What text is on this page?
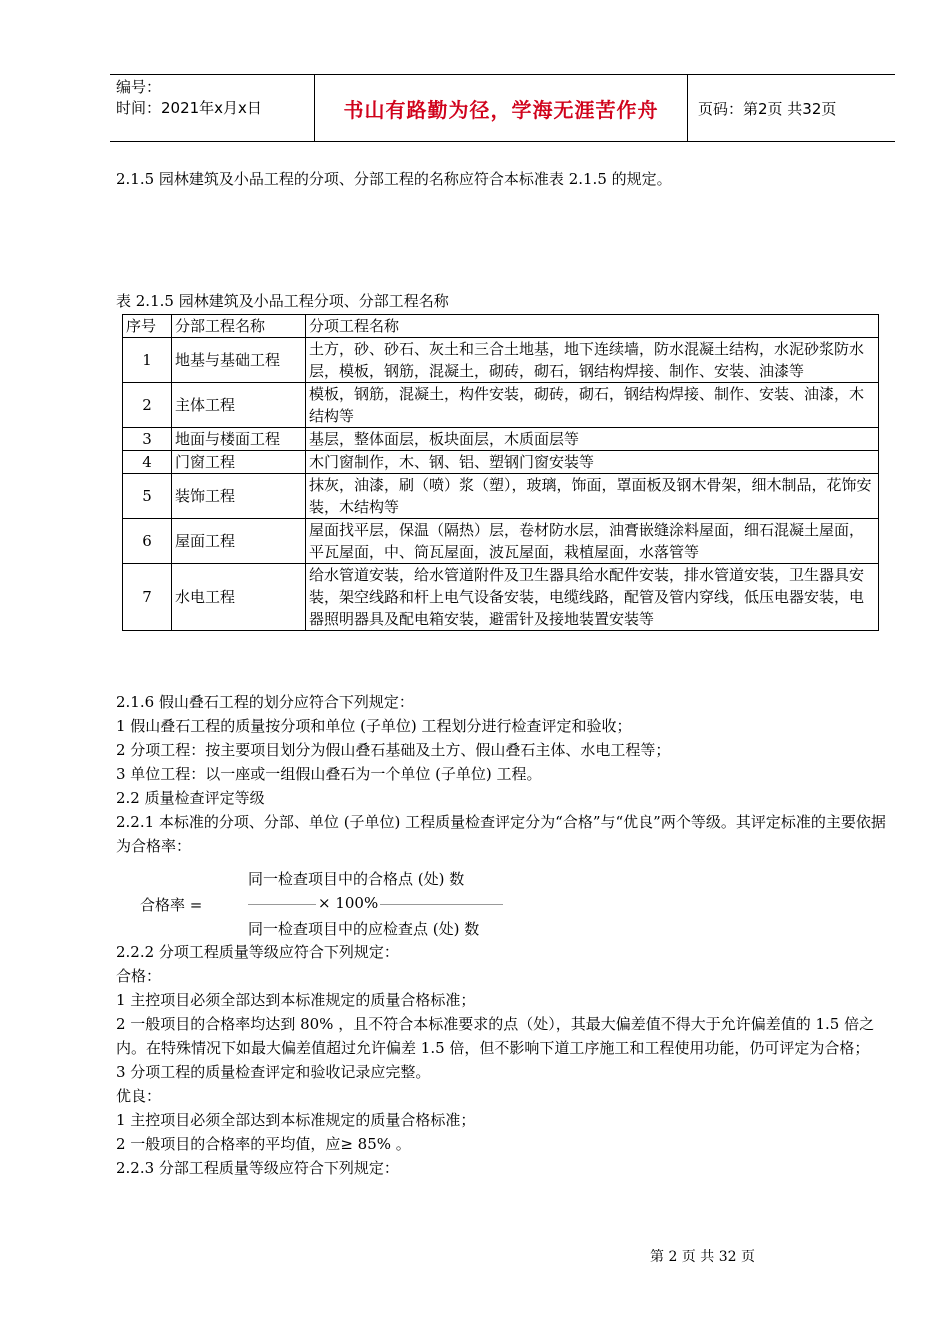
编号：
时间：2021年x月x日	书山有路勤为径，学海无涯苦作舟	页码：第2页 共32页
2.1.5 园林建筑及小品工程的分项、分部工程的名称应符合本标准表 2.1.5 的规定。
表 2.1.5 园林建筑及小品工程分项、分部工程名称
序号	分部工程名称	分项工程名称
1	地基与基础工程	土方，砂、砂石、灰土和三合土地基，地下连续墙，防水混凝土结构，水泥砂浆防水层，模板，钢筋，混凝土，砌砖，砌石，钢结构焊接、制作、安装、油漆等
2	主体工程	模板，钢筋，混凝土，构件安装，砌砖，砌石，钢结构焊接、制作、安装、油漆，木结构等
3	地面与楼面工程	基层，整体面层，板块面层，木质面层等
4	门窗工程	木门窗制作，木、钢、铝、塑钢门窗安装等
5	装饰工程	抹灰，油漆，刷（喷）浆（塑），玻璃，饰面，罩面板及钢木骨架，细木制品，花饰安装，木结构等
6	屋面工程	屋面找平层，保温（隔热）层，卷材防水层，油膏嵌缝涂料屋面，细石混凝土屋面，平瓦屋面，中、筒瓦屋面，波瓦屋面，栽植屋面，水落管等
7	水电工程	给水管道安装，给水管道附件及卫生器具给水配件安装，排水管道安装，卫生器具安装，架空线路和杆上电气设备安装，电缆线路，配管及管内穿线，低压电器安装，电器照明器具及配电箱安装，避雷针及接地装置安装等

2.1.6 假山叠石工程的划分应符合下列规定：

1 假山叠石工程的质量按分项和单位 (子单位) 工程划分进行检查评定和验收；

2 分项工程：按主要项目划分为假山叠石基础及土方、假山叠石主体、水电工程等；

3 单位工程：以一座或一组假山叠石为一个单位 (子单位) 工程。

2.2 质量检查评定等级

2.2.1 本标准的分项、分部、单位 (子单位) 工程质量检查评定分为“合格”与“优良”两个等级。其评定标准的主要依据为合格率：

同一检查项目中的合格点 (处) 数
合格率 =	× 100%
同一检查项目中的应检查点 (处) 数

2.2.2 分项工程质量等级应符合下列规定：

合格：

1 主控项目必须全部达到本标准规定的质量合格标准；

2 一般项目的合格率均达到 80% ，且不符合本标准要求的点（处），其最大偏差值不得大于允许偏差值的 1.5 倍之内。在特殊情况下如最大偏差值超过允许偏差 1.5 倍，但不影响下道工序施工和工程使用功能，仍可评定为合格；

3 分项工程的质量检查评定和验收记录应完整。

优良：

1 主控项目必须全部达到本标准规定的质量合格标准；

2 一般项目的合格率的平均值，应≥ 85% 。

2.2.3 分部工程质量等级应符合下列规定：

第 2 页 共 32 页
